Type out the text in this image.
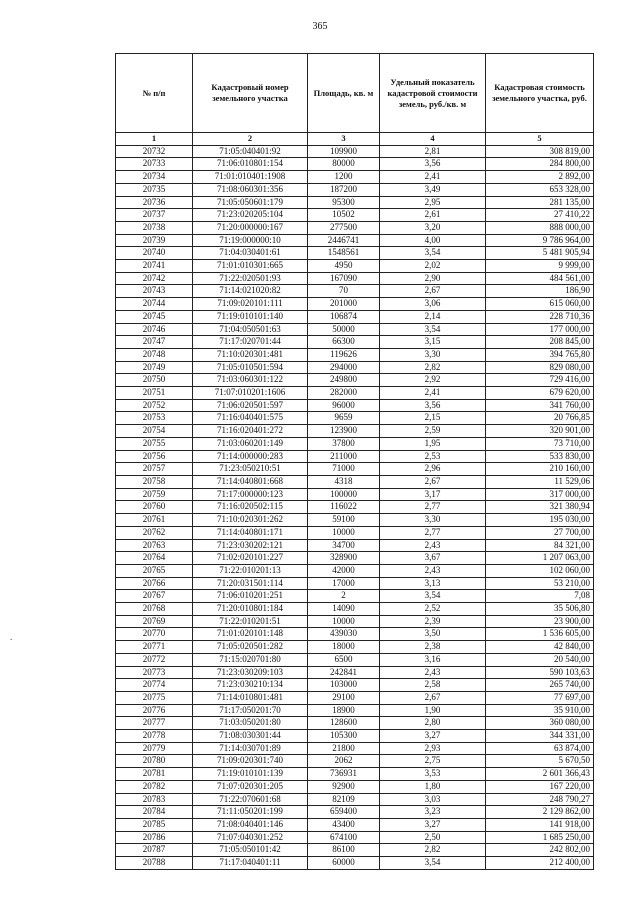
365
.
№ п/п	Кадастровый номер земельного участка	Площадь, кв. м	Удельный показатель кадастровой стоимости земель, руб./кв. м	Кадастровая стоимость земельного участка, руб.
1	2	3	4	5
20732	71:05:040401:92	109900	2,81	308 819,00
20733	71:06:010801:154	80000	3,56	284 800,00
20734	71:01:010401:1908	1200	2,41	2 892,00
20735	71:08:060301:356	187200	3,49	653 328,00
20736	71:05:050601:179	95300	2,95	281 135,00
20737	71:23:020205:104	10502	2,61	27 410,22
20738	71:20:000000:167	277500	3,20	888 000,00
20739	71:19:000000:10	2446741	4,00	9 786 964,00
20740	71:04:030401:61	1548561	3,54	5 481 905,94
20741	71:01:010301:665	4950	2,02	9 999,00
20742	71:22:020501:93	167090	2,90	484 561,00
20743	71:14:021020:82	70	2,67	186,90
20744	71:09:020101:111	201000	3,06	615 060,00
20745	71:19:010101:140	106874	2,14	228 710,36
20746	71:04:050501:63	50000	3,54	177 000,00
20747	71:17:020701:44	66300	3,15	208 845,00
20748	71:10:020301:481	119626	3,30	394 765,80
20749	71:05:010501:594	294000	2,82	829 080,00
20750	71:03:060301:122	249800	2,92	729 416,00
20751	71:07:010201:1606	282000	2,41	679 620,00
20752	71:06:020501:597	96000	3,56	341 760,00
20753	71:16:040401:575	9659	2,15	20 766,85
20754	71:16:020401:272	123900	2,59	320 901,00
20755	71:03:060201:149	37800	1,95	73 710,00
20756	71:14:000000:283	211000	2,53	533 830,00
20757	71:23:050210:51	71000	2,96	210 160,00
20758	71:14:040801:668	4318	2,67	11 529,06
20759	71:17:000000:123	100000	3,17	317 000,00
20760	71:16:020502:115	116022	2,77	321 380,94
20761	71:10:020301:262	59100	3,30	195 030,00
20762	71:14:040801:171	10000	2,77	27 700,00
20763	71:23:030202:121	34700	2,43	84 321,00
20764	71:02:020101:227	328900	3,67	1 207 063,00
20765	71:22:010201:13	42000	2,43	102 060,00
20766	71:20:031501:114	17000	3,13	53 210,00
20767	71:06:010201:251	2	3,54	7,08
20768	71:20:010801:184	14090	2,52	35 506,80
20769	71:22:010201:51	10000	2,39	23 900,00
20770	71:01:020101:148	439030	3,50	1 536 605,00
20771	71:05:020501:282	18000	2,38	42 840,00
20772	71:15:020701:80	6500	3,16	20 540,00
20773	71:23:030209:103	242841	2,43	590 103,63
20774	71:23:030210:134	103000	2,58	265 740,00
20775	71:14:010801:481	29100	2,67	77 697,00
20776	71:17:050201:70	18900	1,90	35 910,00
20777	71:03:050201:80	128600	2,80	360 080,00
20778	71:08:030301:44	105300	3,27	344 331,00
20779	71:14:030701:89	21800	2,93	63 874,00
20780	71:09:020301:740	2062	2,75	5 670,50
20781	71:19:010101:139	736931	3,53	2 601 366,43
20782	71:07:020301:205	92900	1,80	167 220,00
20783	71:22:070601:68	82109	3,03	248 790,27
20784	71:11:050201:199	659400	3,23	2 129 862,00
20785	71:08:040401:146	43400	3,27	141 918,00
20786	71:07:040301:252	674100	2,50	1 685 250,00
20787	71:05:050101:42	86100	2,82	242 802,00
20788	71:17:040401:11	60000	3,54	212 400,00
